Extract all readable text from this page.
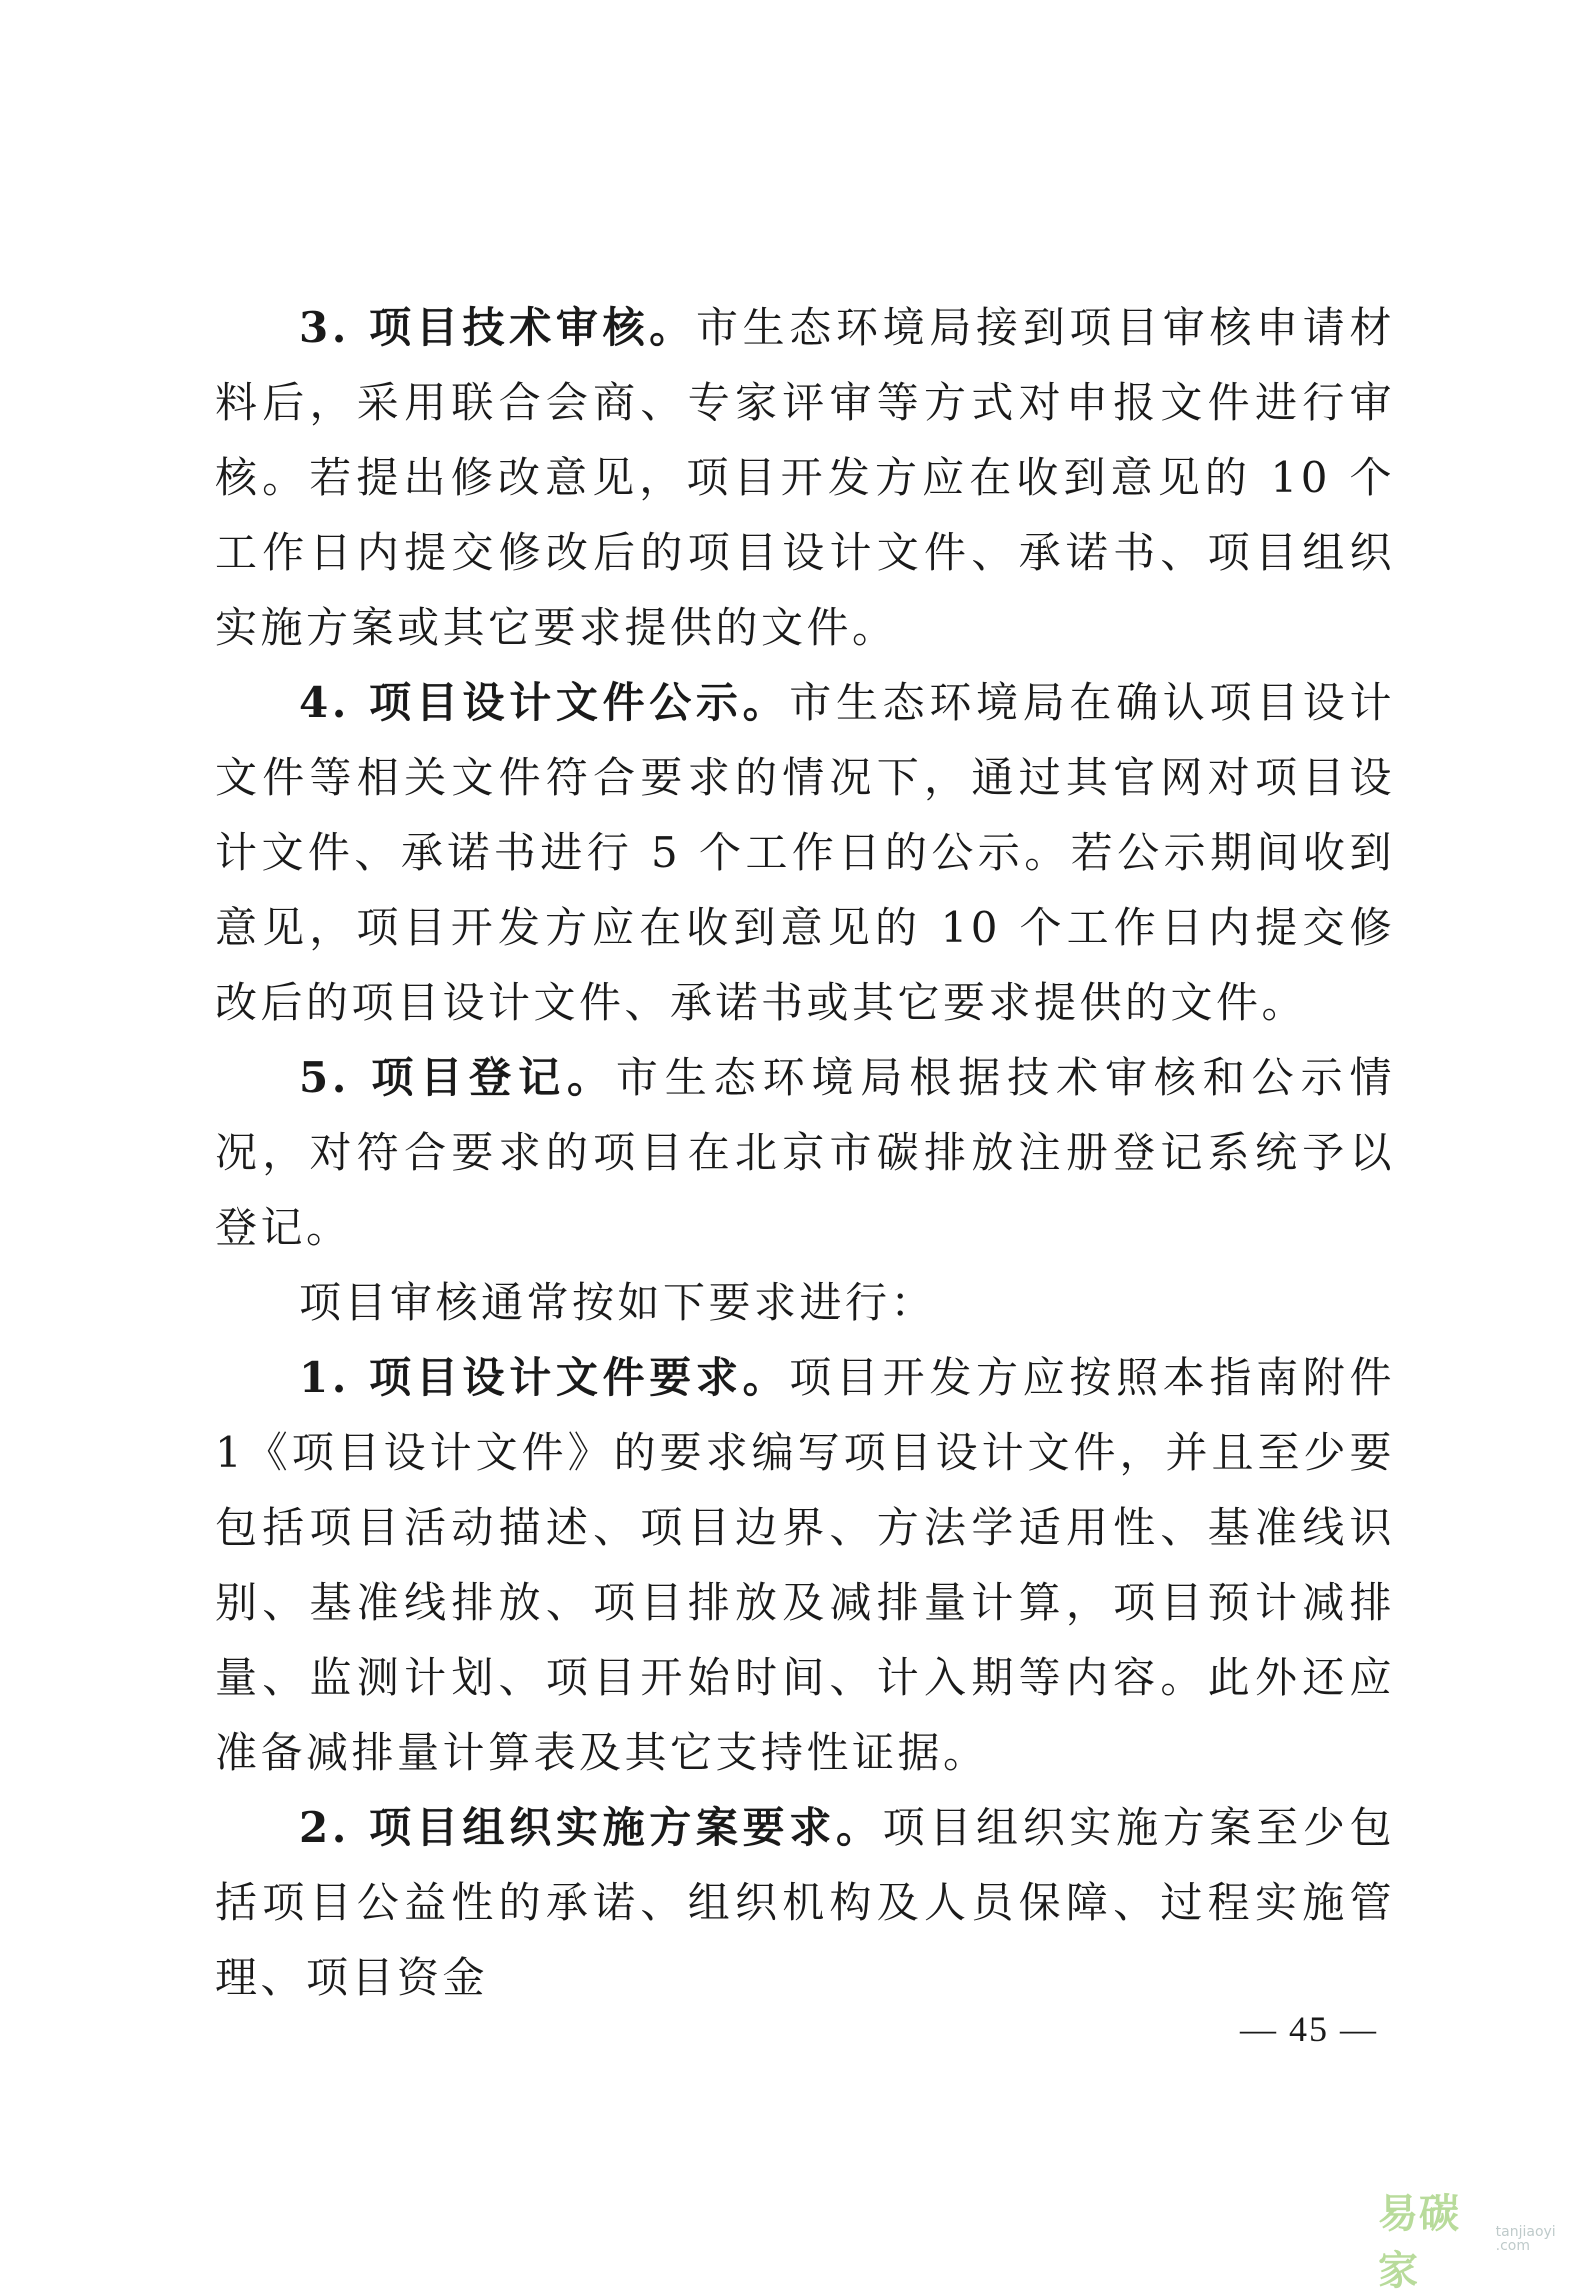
3. 项目技术审核。市生态环境局接到项目审核申请材料后，采用联合会商、专家评审等方式对申报文件进行审核。若提出修改意见，项目开发方应在收到意见的 10 个工作日内提交修改后的项目设计文件、承诺书、项目组织实施方案或其它要求提供的文件。

4. 项目设计文件公示。市生态环境局在确认项目设计文件等相关文件符合要求的情况下，通过其官网对项目设计文件、承诺书进行 5 个工作日的公示。若公示期间收到意见，项目开发方应在收到意见的 10 个工作日内提交修改后的项目设计文件、承诺书或其它要求提供的文件。

5. 项目登记。市生态环境局根据技术审核和公示情况，对符合要求的项目在北京市碳排放注册登记系统予以登记。

项目审核通常按如下要求进行：

1. 项目设计文件要求。项目开发方应按照本指南附件 1《项目设计文件》的要求编写项目设计文件，并且至少要包括项目活动描述、项目边界、方法学适用性、基准线识别、基准线排放、项目排放及减排量计算，项目预计减排量、监测计划、项目开始时间、计入期等内容。此外还应准备减排量计算表及其它支持性证据。

2. 项目组织实施方案要求。项目组织实施方案至少包括项目公益性的承诺、组织机构及人员保障、过程实施管理、项目资金

— 45 —
易碳家
tanjiaoyi .com
